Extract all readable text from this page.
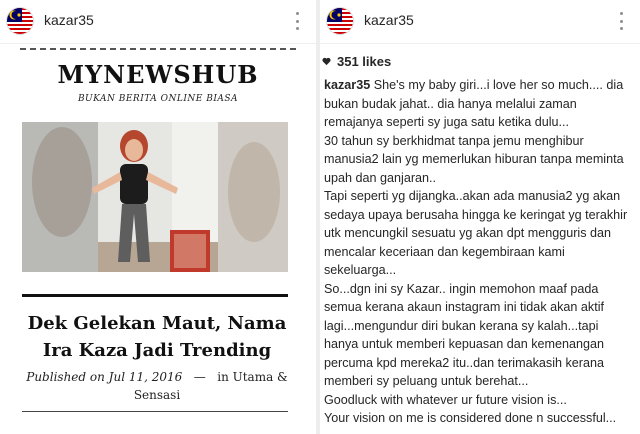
kazar35
MYNEWSHUB
BUKAN BERITA ONLINE BIASA
Dek Gelekan Maut, Nama Ira Kaza Jadi Trending
Published on Jul 11, 2016 — in Utama & Sensasi
kazar35
351 likes

kazar35 She's my baby giri...i love her so much.... dia bukan budak jahat.. dia hanya melalui zaman remajanya seperti sy juga satu ketika dulu...

30 tahun sy berkhidmat tanpa jemu menghibur manusia2 lain yg memerlukan hiburan tanpa meminta upah dan ganjaran..

Tapi seperti yg dijangka..akan ada manusia2 yg akan sedaya upaya berusaha hingga ke keringat yg terakhir utk mencungkil sesuatu yg akan dpt mengguris dan mencalar keceriaan dan kegembiraan kami sekeluarga...

So...dgn ini sy Kazar.. ingin memohon maaf pada semua kerana akaun instagram ini tidak akan aktif lagi...mengundur diri bukan kerana sy kalah...tapi hanya untuk memberi kepuasan dan kemenangan percuma kpd mereka2 itu..dan terimakasih kerana memberi sy peluang untuk berehat...

Goodluck with whatever ur future vision is...

Your vision on me is considered done n successful...
